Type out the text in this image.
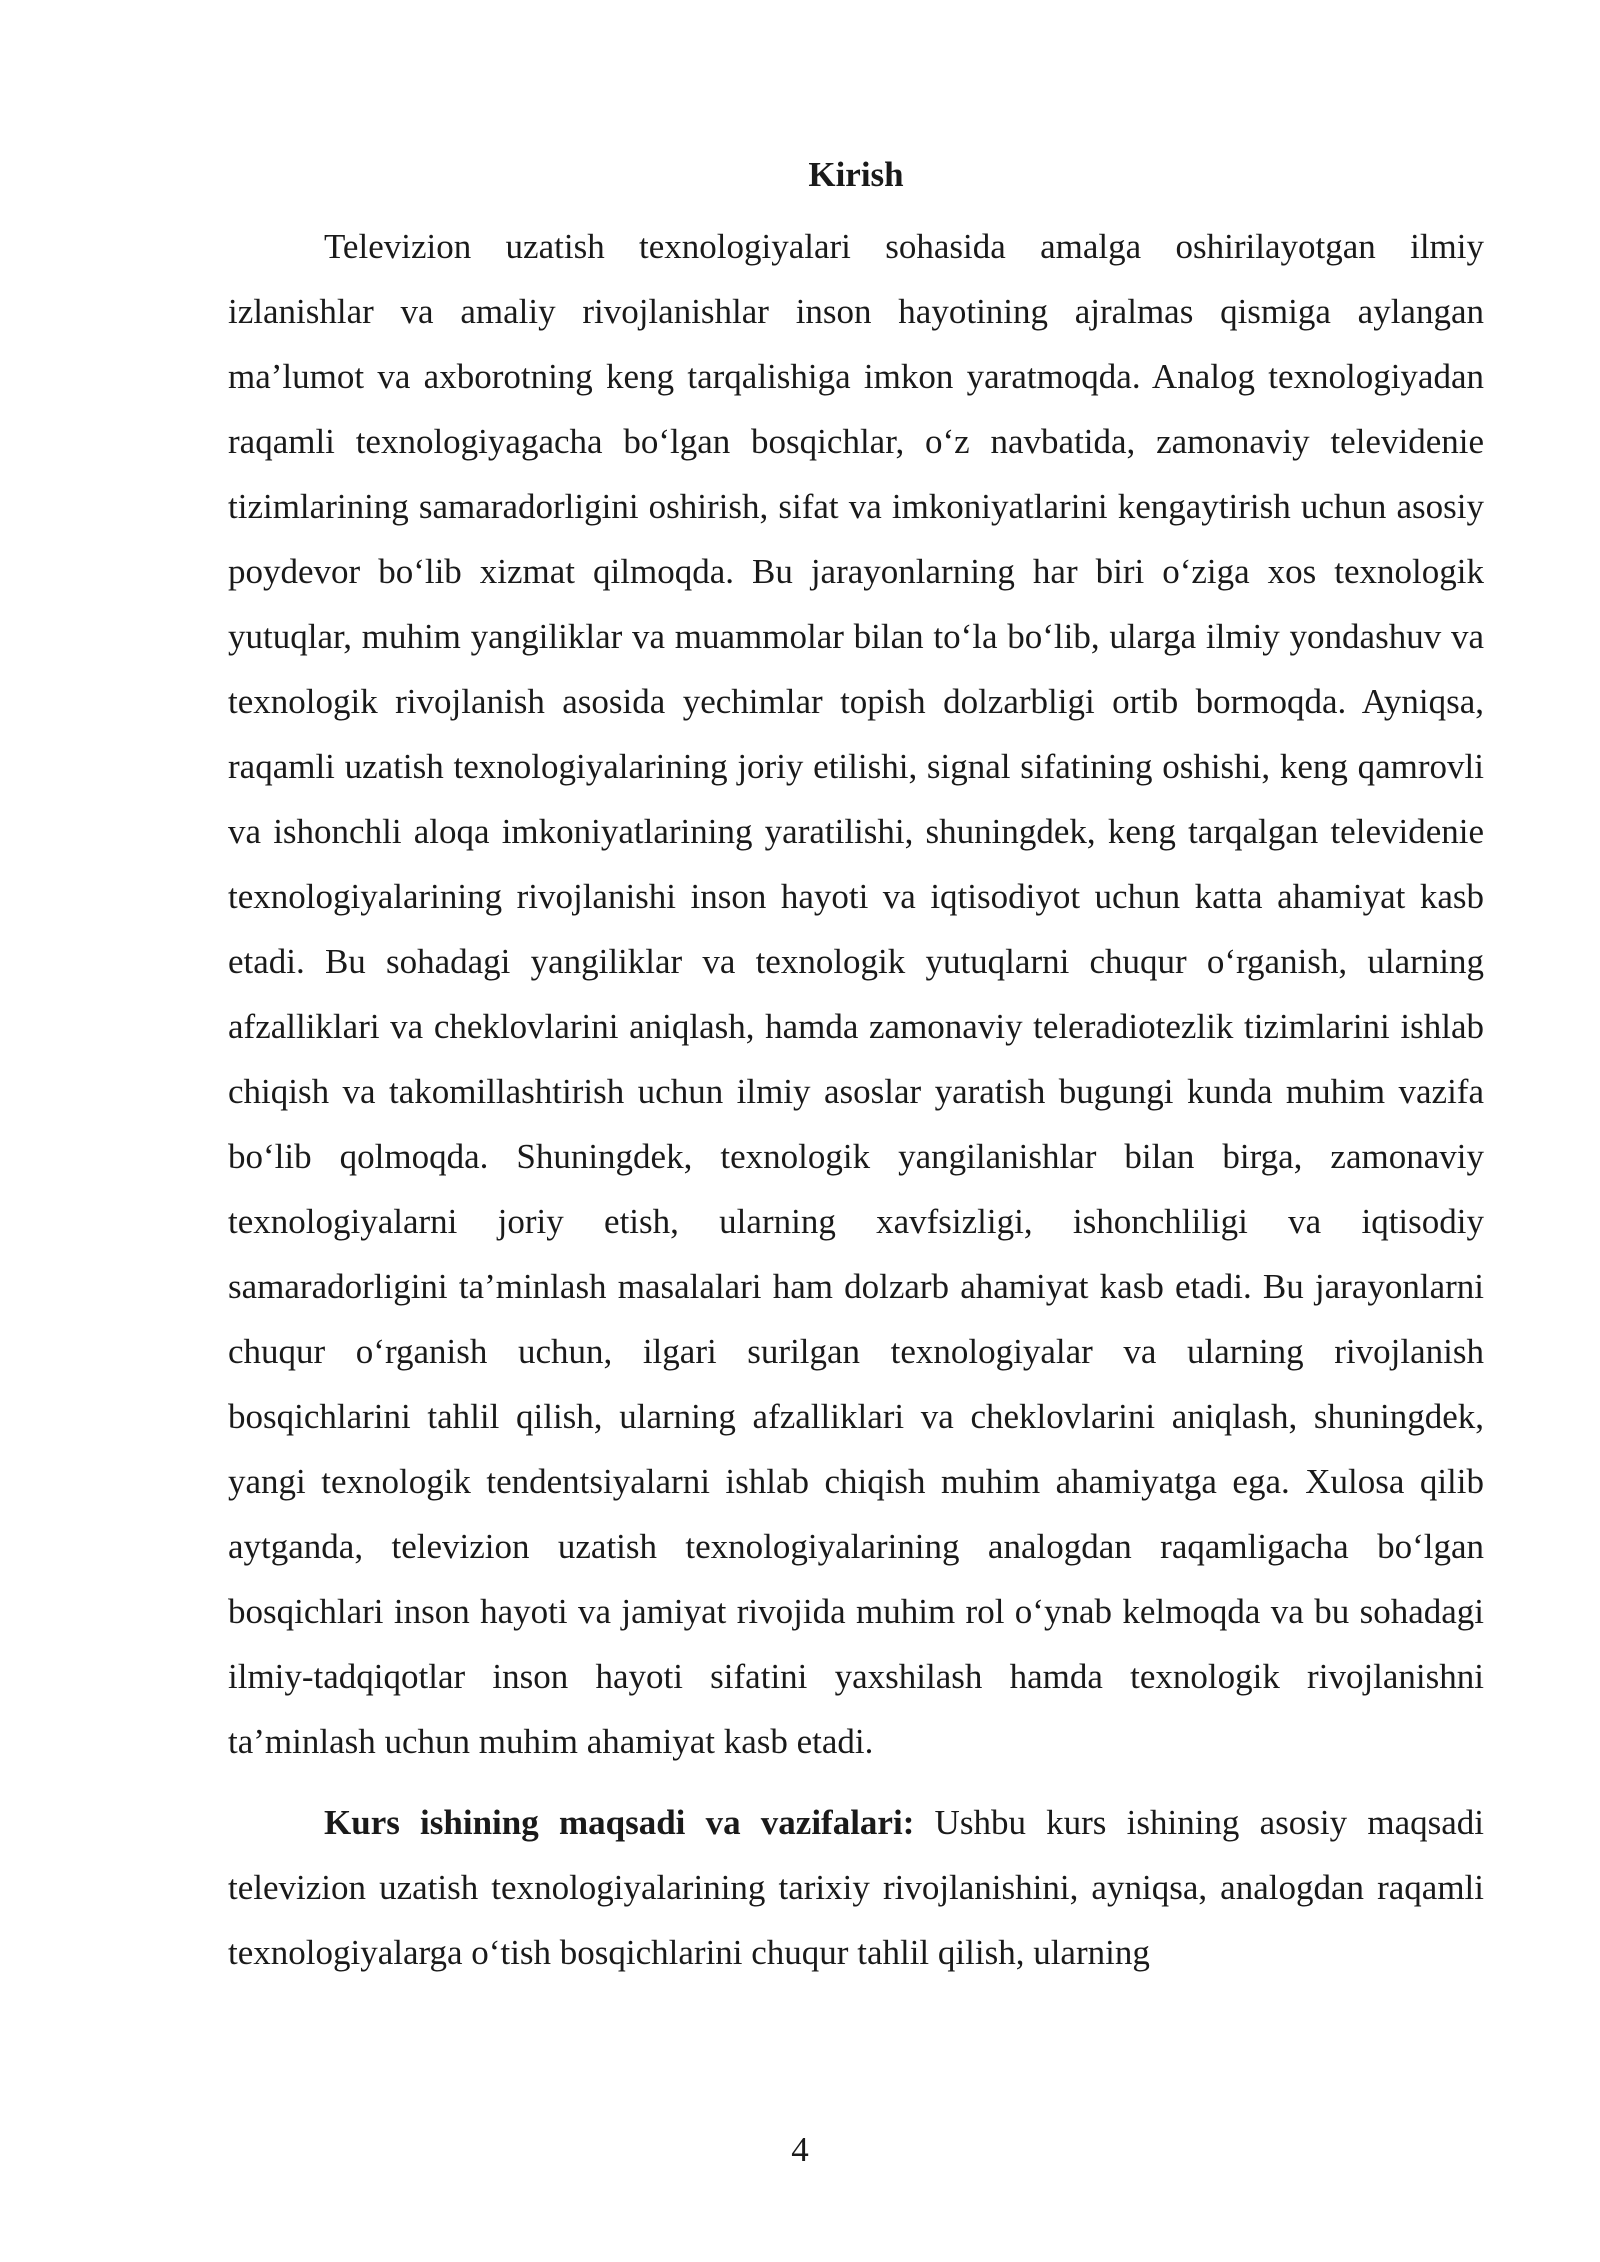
Kirish

Televizion uzatish texnologiyalari sohasida amalga oshirilayotgan ilmiy izlanishlar va amaliy rivojlanishlar inson hayotining ajralmas qismiga aylangan ma’lumot va axborotning keng tarqalishiga imkon yaratmoqda. Analog texnologiyadan raqamli texnologiyagacha bo‘lgan bosqichlar, o‘z navbatida, zamonaviy televidenie tizimlarining samaradorligini oshirish, sifat va imkoniyatlarini kengaytirish uchun asosiy poydevor bo‘lib xizmat qilmoqda. Bu jarayonlarning har biri o‘ziga xos texnologik yutuqlar, muhim yangiliklar va muammolar bilan to‘la bo‘lib, ularga ilmiy yondashuv va texnologik rivojlanish asosida yechimlar topish dolzarbligi ortib bormoqda. Ayniqsa, raqamli uzatish texnologiyalarining joriy etilishi, signal sifatining oshishi, keng qamrovli va ishonchli aloqa imkoniyatlarining yaratilishi, shuningdek, keng tarqalgan televidenie texnologiyalarining rivojlanishi inson hayoti va iqtisodiyot uchun katta ahamiyat kasb etadi. Bu sohadagi yangiliklar va texnologik yutuqlarni chuqur o‘rganish, ularning afzalliklari va cheklovlarini aniqlash, hamda zamonaviy teleradiotezlik tizimlarini ishlab chiqish va takomillashtirish uchun ilmiy asoslar yaratish bugungi kunda muhim vazifa bo‘lib qolmoqda. Shuningdek, texnologik yangilanishlar bilan birga, zamonaviy texnologiyalarni joriy etish, ularning xavfsizligi, ishonchliligi va iqtisodiy samaradorligini ta’minlash masalalari ham dolzarb ahamiyat kasb etadi. Bu jarayonlarni chuqur o‘rganish uchun, ilgari surilgan texnologiyalar va ularning rivojlanish bosqichlarini tahlil qilish, ularning afzalliklari va cheklovlarini aniqlash, shuningdek, yangi texnologik tendentsiyalarni ishlab chiqish muhim ahamiyatga ega. Xulosa qilib aytganda, televizion uzatish texnologiyalarining analogdan raqamligacha bo‘lgan bosqichlari inson hayoti va jamiyat rivojida muhim rol o‘ynab kelmoqda va bu sohadagi ilmiy-tadqiqotlar inson hayoti sifatini yaxshilash hamda texnologik rivojlanishni ta’minlash uchun muhim ahamiyat kasb etadi.

Kurs ishining maqsadi va vazifalari: Ushbu kurs ishining asosiy maqsadi televizion uzatish texnologiyalarining tarixiy rivojlanishini, ayniqsa, analogdan raqamli texnologiyalarga o‘tish bosqichlarini chuqur tahlil qilish, ularning

4
